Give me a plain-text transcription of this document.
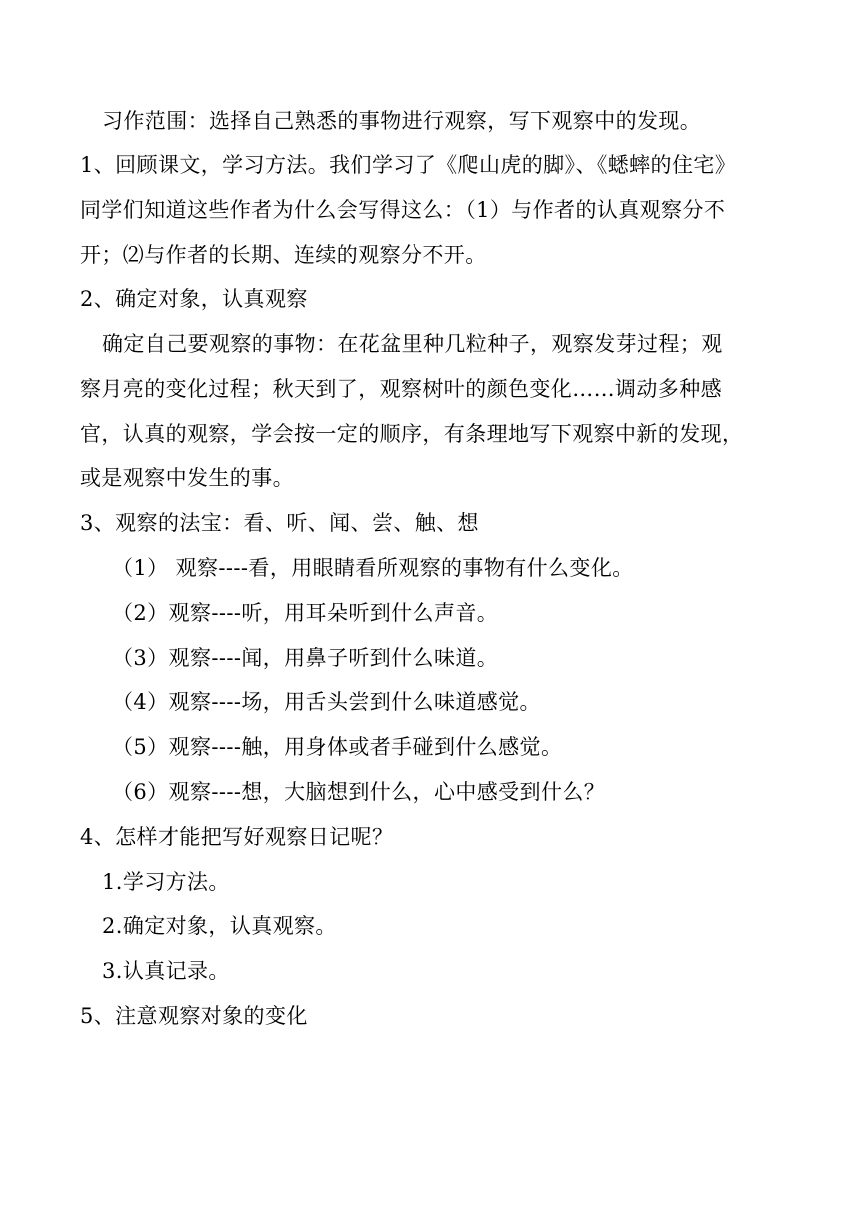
习作范围：选择自己熟悉的事物进行观察，写下观察中的发现。
1、回顾课文，学习方法。我们学习了《爬山虎的脚》、《蟋蟀的住宅》
同学们知道这些作者为什么会写得这么：（1）与作者的认真观察分不
开；⑵与作者的长期、连续的观察分不开。
2、确定对象，认真观察
确定自己要观察的事物：在花盆里种几粒种子，观察发芽过程；观
察月亮的变化过程；秋天到了，观察树叶的颜色变化……调动多种感
官，认真的观察，学会按一定的顺序，有条理地写下观察中新的发现，
或是观察中发生的事。
3、观察的法宝：看、听、闻、尝、触、想
（1） 观察----看，用眼睛看所观察的事物有什么变化。
（2）观察----听，用耳朵听到什么声音。
（3）观察----闻，用鼻子听到什么味道。
（4）观察----场，用舌头尝到什么味道感觉。
（5）观察----触，用身体或者手碰到什么感觉。
（6）观察----想，大脑想到什么，心中感受到什么？
4、怎样才能把写好观察日记呢？
1.学习方法。
2.确定对象，认真观察。
3.认真记录。
5、注意观察对象的变化
